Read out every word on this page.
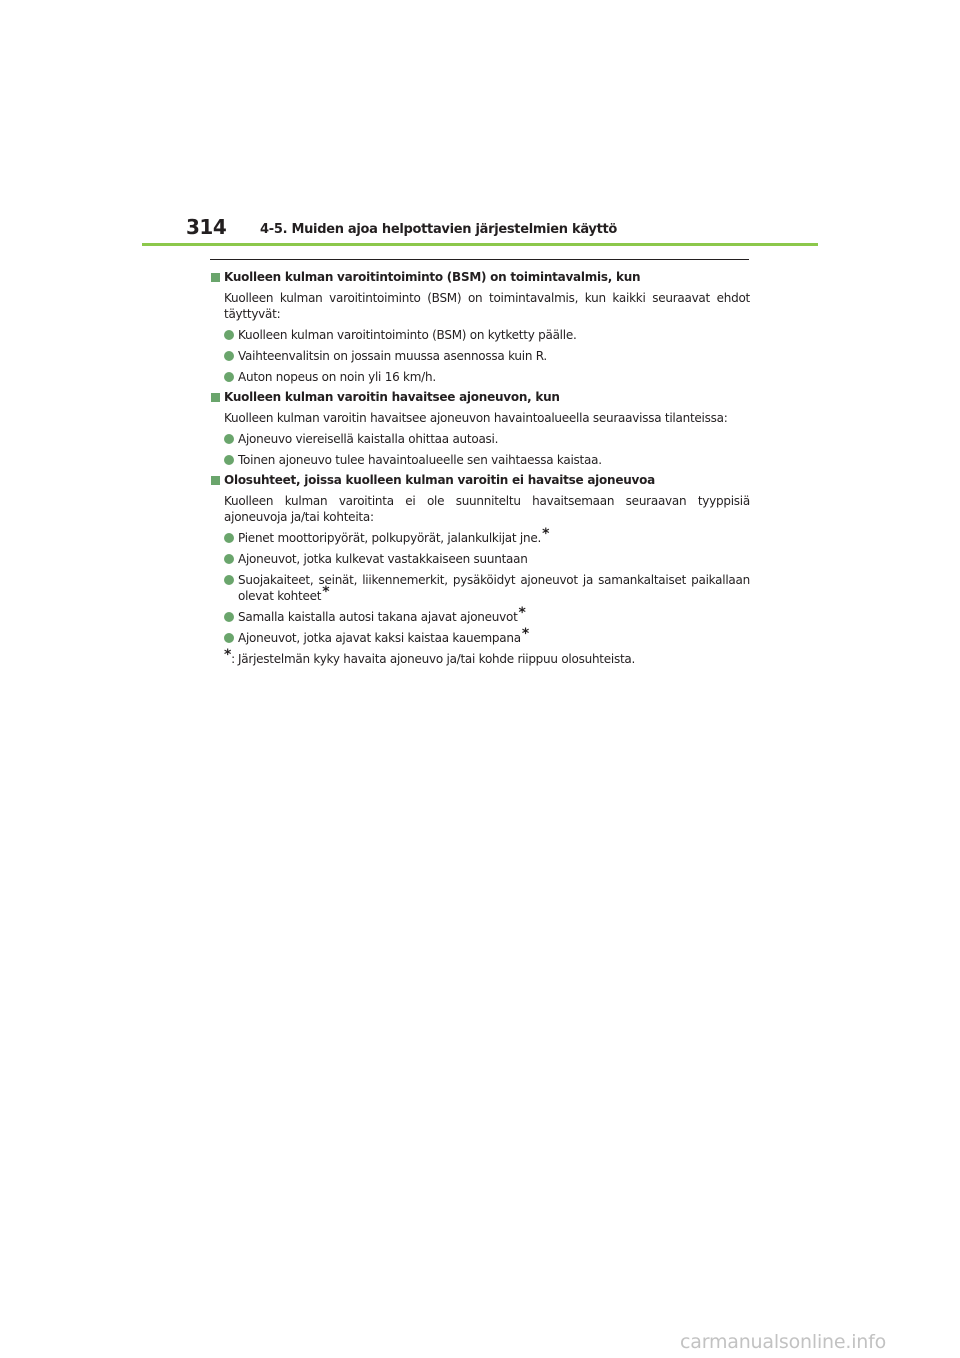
314	4-5. Muiden ajoa helpottavien järjestelmien käyttö
Kuolleen kulman varoitintoiminto (BSM) on toimintavalmis, kun
Kuolleen kulman varoitintoiminto (BSM) on toimintavalmis, kun kaikki seuraavat ehdot täyttyvät:
Kuolleen kulman varoitintoiminto (BSM) on kytketty päälle.
Vaihteenvalitsin on jossain muussa asennossa kuin R.
Auton nopeus on noin yli 16 km/h.
Kuolleen kulman varoitin havaitsee ajoneuvon, kun
Kuolleen kulman varoitin havaitsee ajoneuvon havaintoalueella seuraavissa tilanteissa:
Ajoneuvo viereisellä kaistalla ohittaa autoasi.
Toinen ajoneuvo tulee havaintoalueelle sen vaihtaessa kaistaa.
Olosuhteet, joissa kuolleen kulman varoitin ei havaitse ajoneuvoa
Kuolleen kulman varoitinta ei ole suunniteltu havaitsemaan seuraavan tyyppisiä ajoneuvoja ja/tai kohteita:
Pienet moottoripyörät, polkupyörät, jalankulkijat jne.*
Ajoneuvot, jotka kulkevat vastakkaiseen suuntaan
Suojakaiteet, seinät, liikennemerkit, pysäköidyt ajoneuvot ja samankaltaiset paikallaan olevat kohteet*
Samalla kaistalla autosi takana ajavat ajoneuvot*
Ajoneuvot, jotka ajavat kaksi kaistaa kauempana*
*: Järjestelmän kyky havaita ajoneuvo ja/tai kohde riippuu olosuhteista.
carmanualsonline.info
